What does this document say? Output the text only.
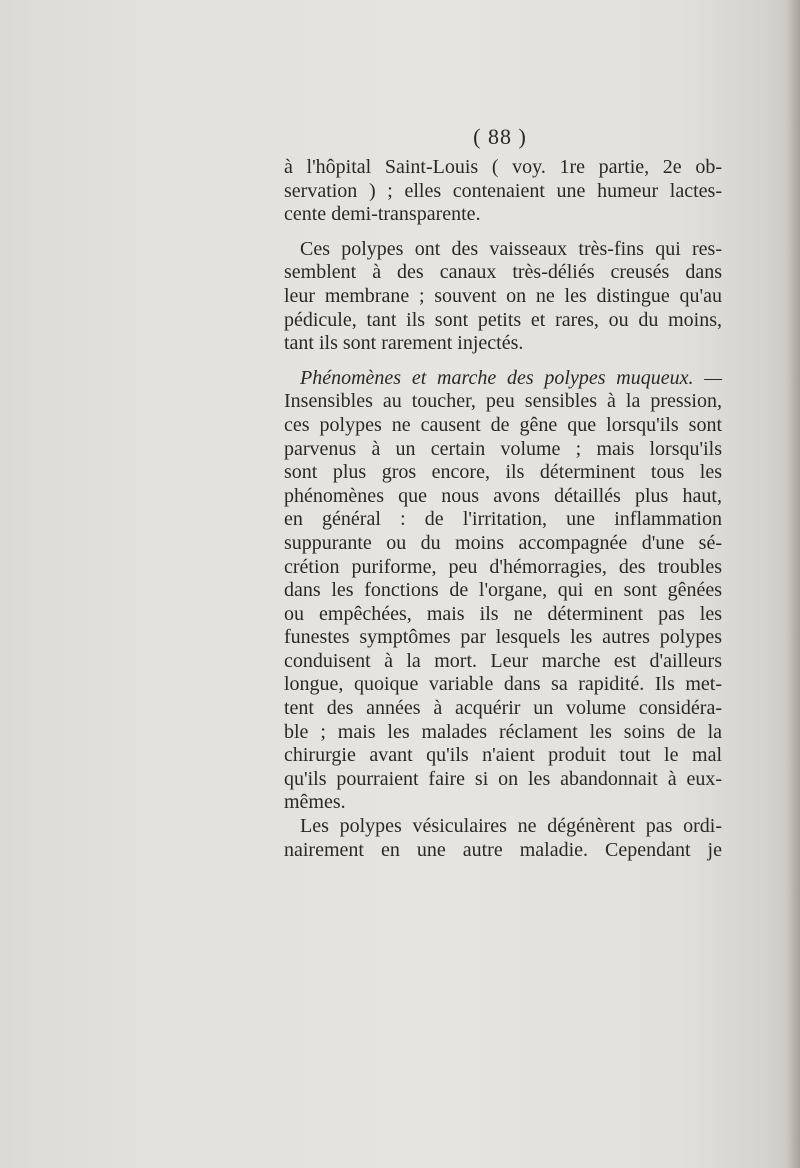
( 88 )
à l'hôpital Saint-Louis ( voy. 1re partie, 2e ob-
servation ) ; elles contenaient une humeur lactes-
cente demi-transparente.
Ces polypes ont des vaisseaux très-fins qui res-
semblent à des canaux très-déliés creusés dans
leur membrane ; souvent on ne les distingue qu'au
pédicule, tant ils sont petits et rares, ou du moins,
tant ils sont rarement injectés.
Phénomènes et marche des polypes muqueux. —
Insensibles au toucher, peu sensibles à la pression,
ces polypes ne causent de gêne que lorsqu'ils sont
parvenus à un certain volume ; mais lorsqu'ils
sont plus gros encore, ils déterminent tous les
phénomènes que nous avons détaillés plus haut,
en général : de l'irritation, une inflammation
suppurante ou du moins accompagnée d'une sé-
crétion puriforme, peu d'hémorragies, des troubles
dans les fonctions de l'organe, qui en sont gênées
ou empêchées, mais ils ne déterminent pas les
funestes symptômes par lesquels les autres polypes
conduisent à la mort. Leur marche est d'ailleurs
longue, quoique variable dans sa rapidité. Ils met-
tent des années à acquérir un volume considéra-
ble ; mais les malades réclament les soins de la
chirurgie avant qu'ils n'aient produit tout le mal
qu'ils pourraient faire si on les abandonnait à eux-
mêmes.
Les polypes vésiculaires ne dégénèrent pas ordi-
nairement en une autre maladie. Cependant je
